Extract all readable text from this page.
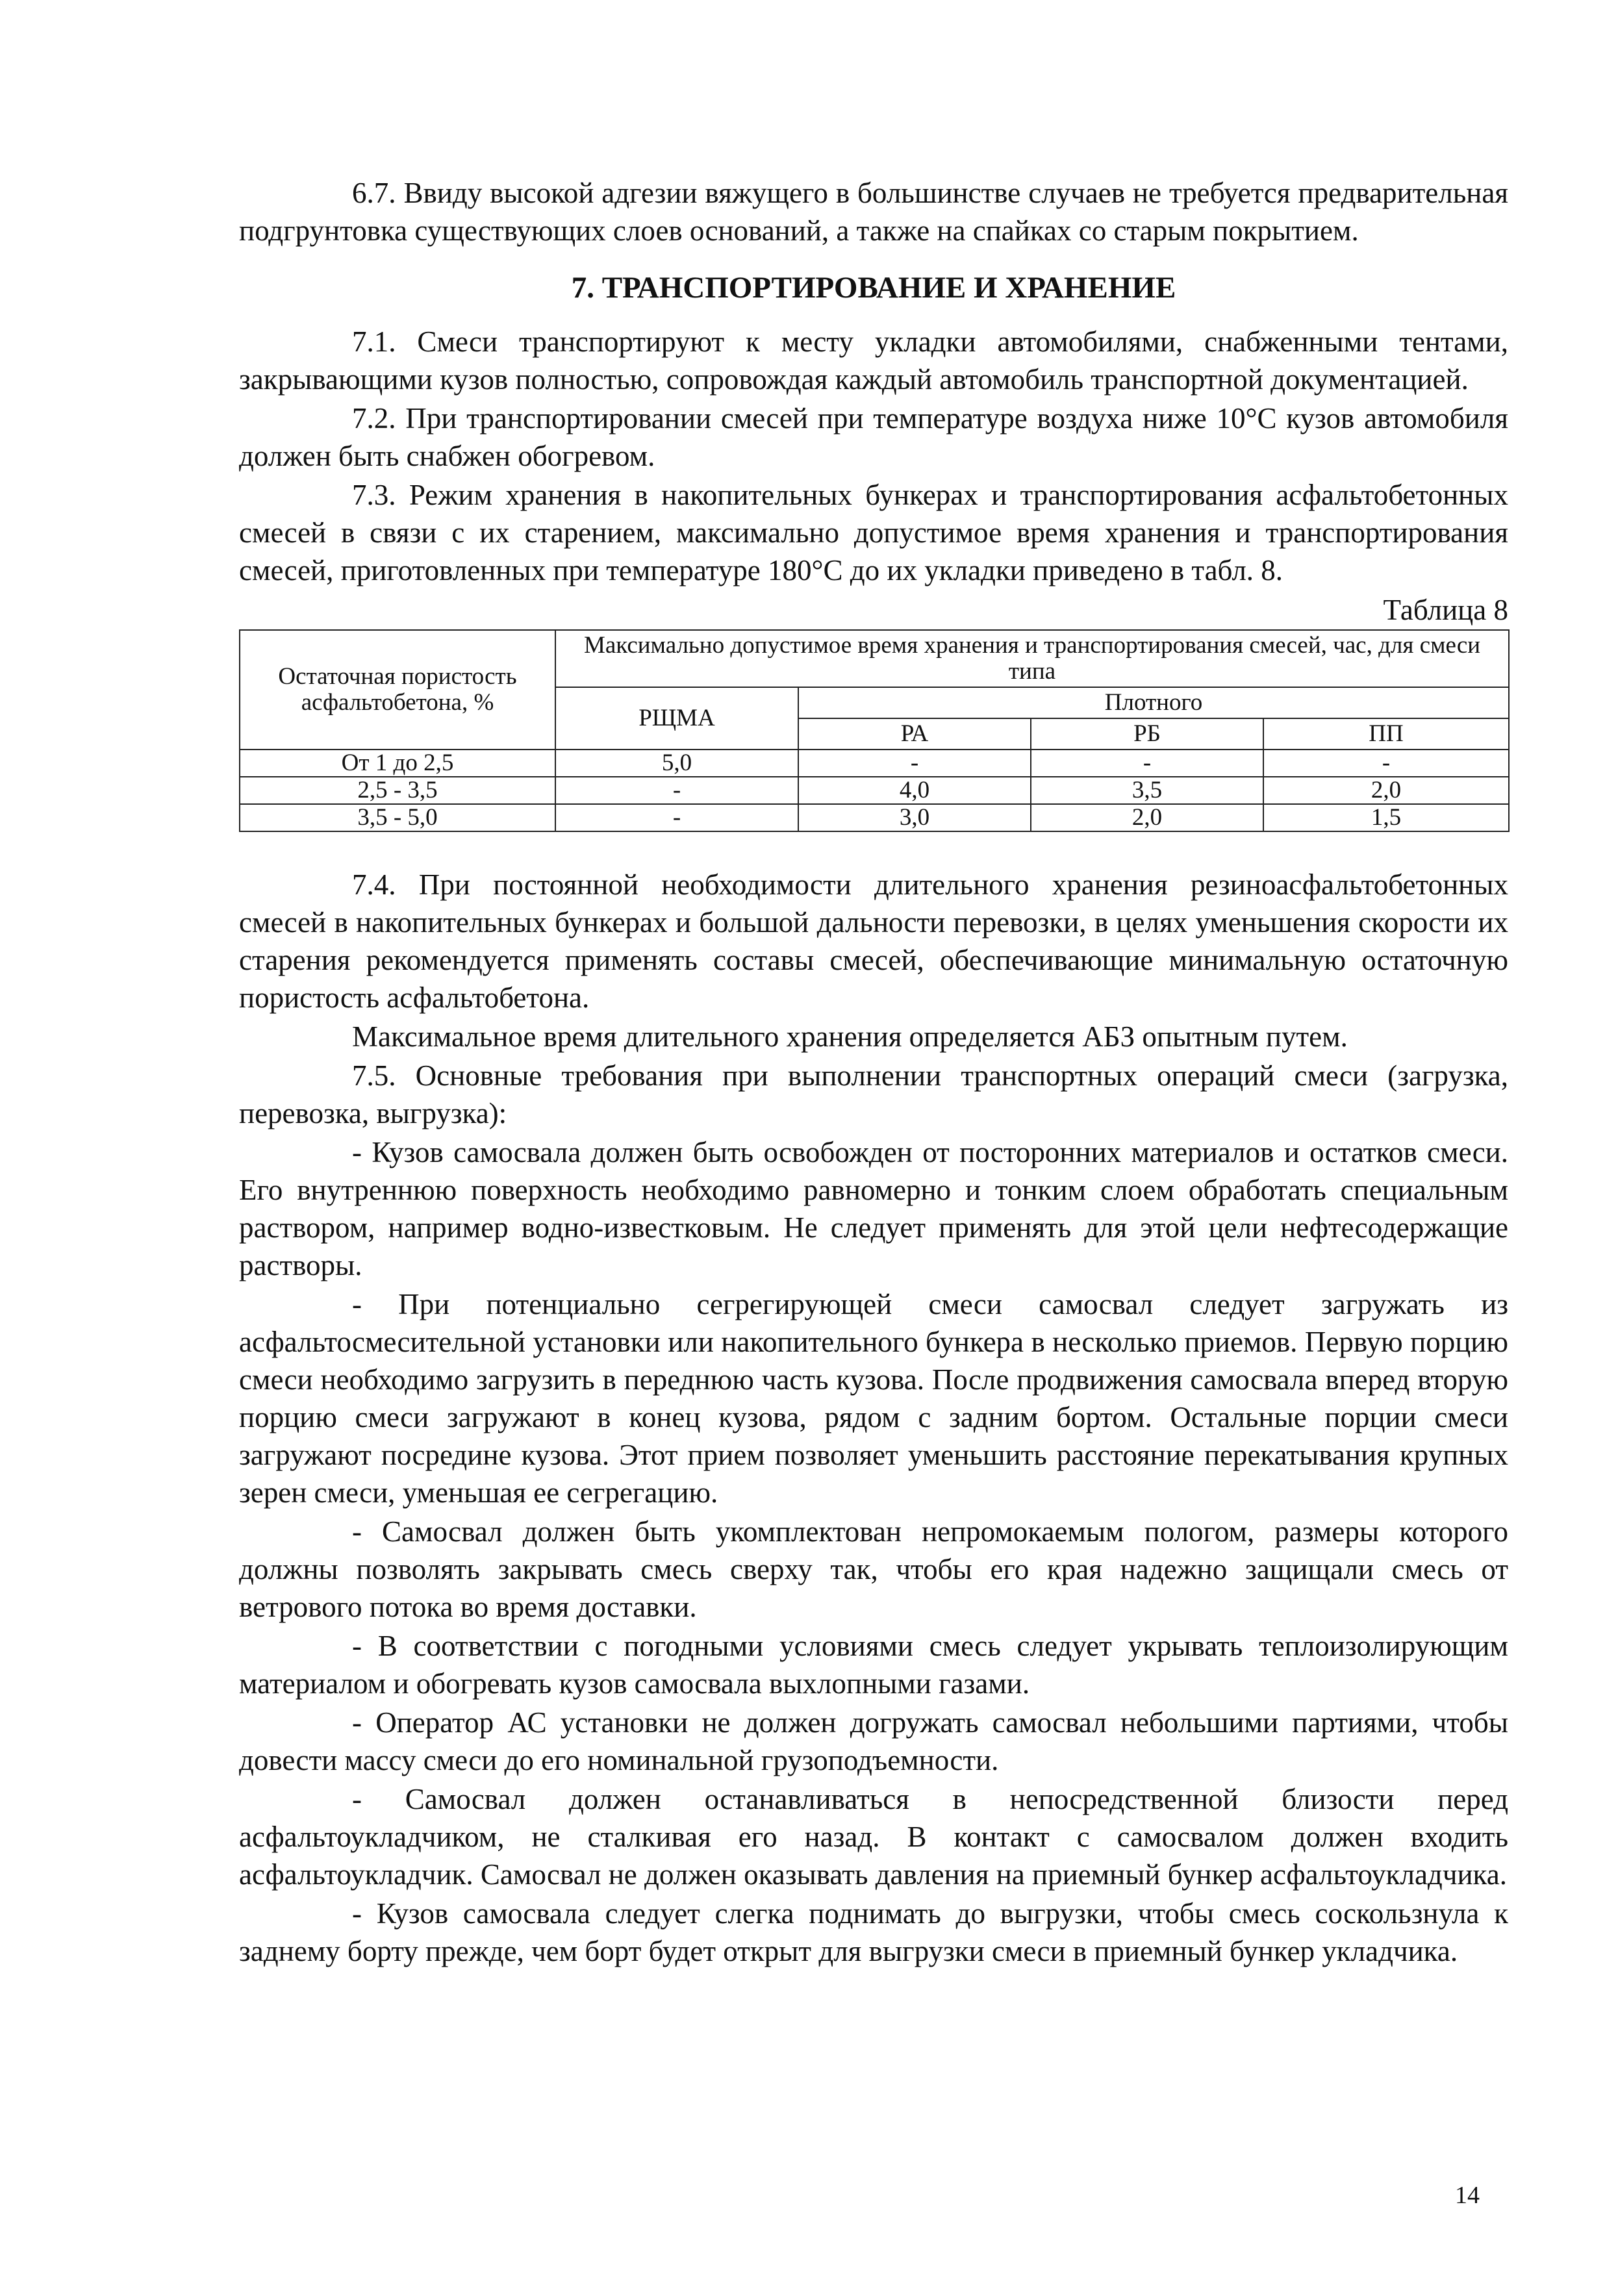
6.7. Ввиду высокой адгезии вяжущего в большинстве случаев не требуется предварительная подгрунтовка существующих слоев оснований, а также на спайках со старым покрытием.

7. ТРАНСПОРТИРОВАНИЕ И ХРАНЕНИЕ

7.1. Смеси транспортируют к месту укладки автомобилями, снабженными тентами, закрывающими кузов полностью, сопровождая каждый автомобиль транспортной документацией.

7.2. При транспортировании смесей при температуре воздуха ниже 10°С кузов автомобиля должен быть снабжен обогревом.

7.3. Режим хранения в накопительных бункерах и транспортирования асфальтобетонных смесей в связи с их старением, максимально допустимое время хранения и транспортирования смесей, приготовленных при температуре 180°С до их укладки приведено в табл. 8.

Таблица 8

Остаточная пористость асфальтобетона, %	Максимально допустимое время хранения и транспортирования смесей, час, для смеси типа			
	РЩМА	Плотного		
		РА	РБ	ПП
От 1 до 2,5	5,0	-	-	-
2,5 - 3,5	-	4,0	3,5	2,0
3,5 - 5,0	-	3,0	2,0	1,5

7.4. При постоянной необходимости длительного хранения резиноасфальтобетонных смесей в накопительных бункерах и большой дальности перевозки, в целях уменьшения скорости их старения рекомендуется применять составы смесей, обеспечивающие минимальную остаточную пористость асфальтобетона.

Максимальное время длительного хранения определяется АБЗ опытным путем.

7.5. Основные требования при выполнении транспортных операций смеси (загрузка, перевозка, выгрузка):

- Кузов самосвала должен быть освобожден от посторонних материалов и остатков смеси. Его внутреннюю поверхность необходимо равномерно и тонким слоем обработать специальным раствором, например водно-известковым. Не следует применять для этой цели нефтесодержащие растворы.

- При потенциально сегрегирующей смеси самосвал следует загружать из асфальтосмесительной установки или накопительного бункера в несколько приемов. Первую порцию смеси необходимо загрузить в переднюю часть кузова. После продвижения самосвала вперед вторую порцию смеси загружают в конец кузова, рядом с задним бортом. Остальные порции смеси загружают посредине кузова. Этот прием позволяет уменьшить расстояние перекатывания крупных зерен смеси, уменьшая ее сегрегацию.

- Самосвал должен быть укомплектован непромокаемым пологом, размеры которого должны позволять закрывать смесь сверху так, чтобы его края надежно защищали смесь от ветрового потока во время доставки.

- В соответствии с погодными условиями смесь следует укрывать теплоизолирующим материалом и обогревать кузов самосвала выхлопными газами.

- Оператор АС установки не должен догружать самосвал небольшими партиями, чтобы довести массу смеси до его номинальной грузоподъемности.

- Самосвал должен останавливаться в непосредственной близости перед асфальтоукладчиком, не сталкивая его назад. В контакт с самосвалом должен входить асфальтоукладчик. Самосвал не должен оказывать давления на приемный бункер асфальтоукладчика.

- Кузов самосвала следует слегка поднимать до выгрузки, чтобы смесь соскользнула к заднему борту прежде, чем борт будет открыт для выгрузки смеси в приемный бункер укладчика.

14
